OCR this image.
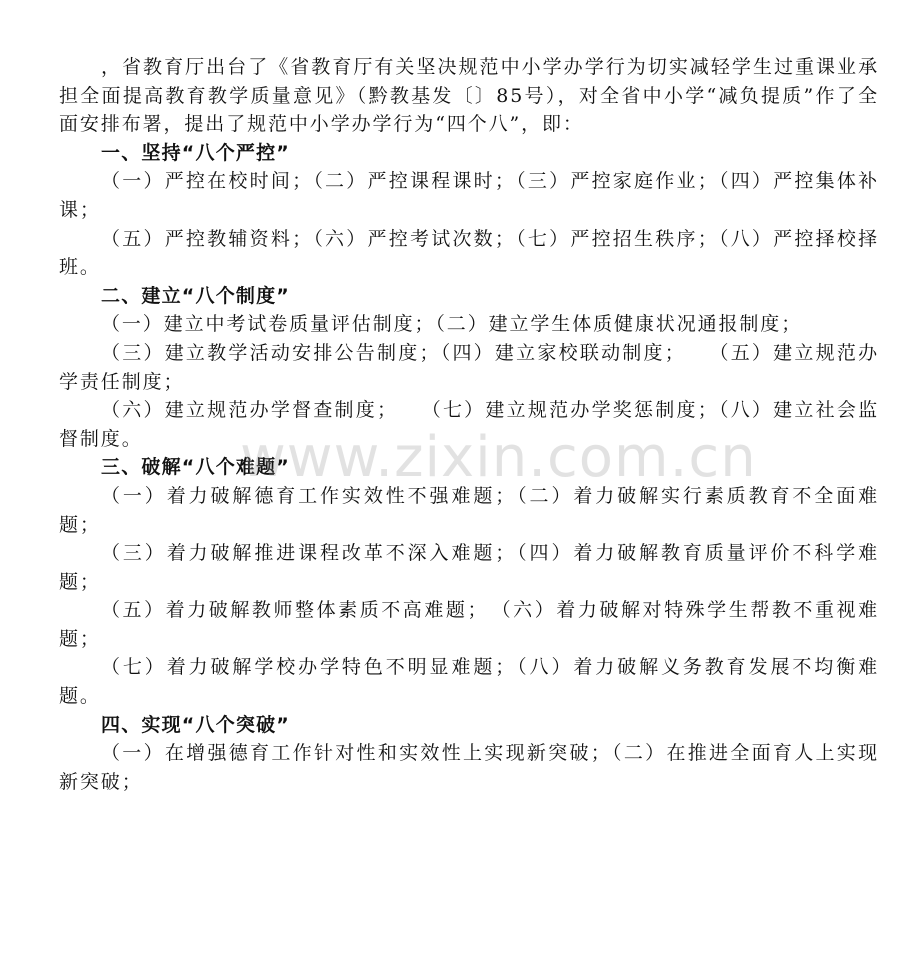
，省教育厅出台了《省教育厅有关坚决规范中小学办学行为切实减轻学生过重课业承担全面提高教育教学质量意见》（黔教基发〔〕85号），对全省中小学“减负提质”作了全面安排布署，提出了规范中小学办学行为“四个八”，即：

一、坚持“八个严控”

（一）严控在校时间；（二）严控课程课时；（三）严控家庭作业；（四）严控集体补课；

（五）严控教辅资料；（六）严控考试次数；（七）严控招生秩序；（八）严控择校择班。

二、建立“八个制度”

（一）建立中考试卷质量评估制度；（二）建立学生体质健康状况通报制度；

（三）建立教学活动安排公告制度；（四）建立家校联动制度；　　（五）建立规范办学责任制度；

（六）建立规范办学督查制度；　　（七）建立规范办学奖惩制度；（八）建立社会监督制度。

三、破解“八个难题”

（一）着力破解德育工作实效性不强难题；（二）着力破解实行素质教育不全面难题；

（三）着力破解推进课程改革不深入难题；（四）着力破解教育质量评价不科学难题；

（五）着力破解教师整体素质不高难题；　（六）着力破解对特殊学生帮教不重视难题；

（七）着力破解学校办学特色不明显难题；（八）着力破解义务教育发展不均衡难题。

四、实现“八个突破”

（一）在增强德育工作针对性和实效性上实现新突破；（二）在推进全面育人上实现新突破；

www.zixin.com.cn
